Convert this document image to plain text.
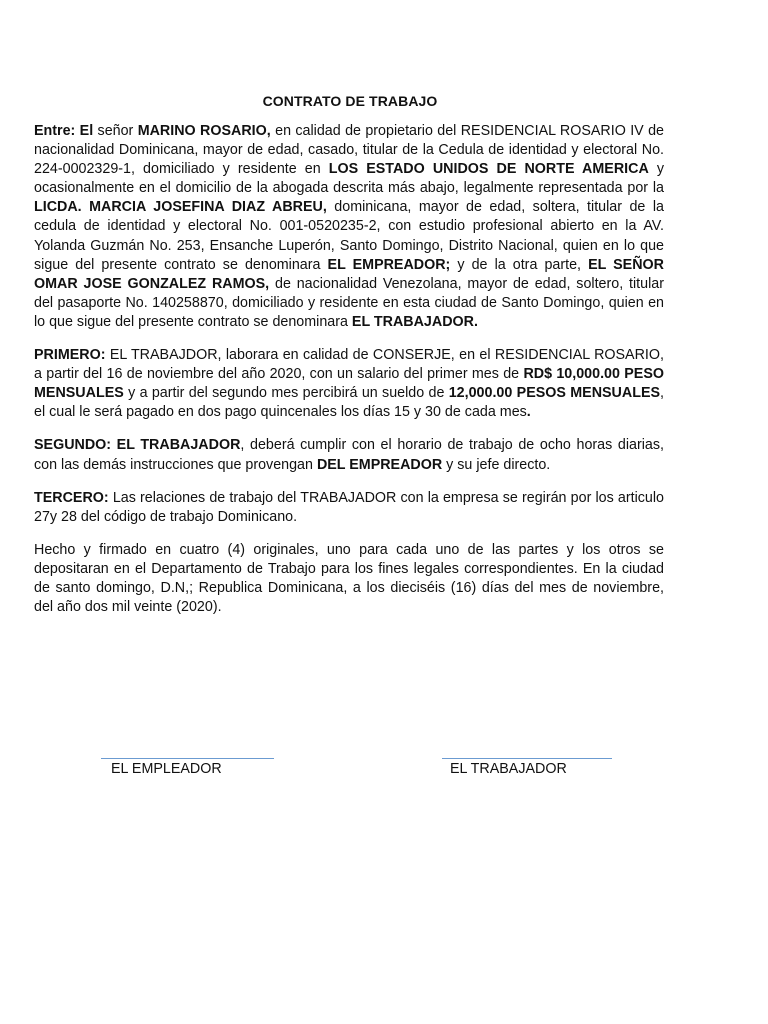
CONTRATO DE TRABAJO

Entre: El señor MARINO ROSARIO, en calidad de propietario del RESIDENCIAL ROSARIO IV de nacionalidad Dominicana, mayor de edad, casado, titular de la Cedula de identidad y electoral No. 224-0002329-1, domiciliado y residente en LOS ESTADO UNIDOS DE NORTE AMERICA y ocasionalmente en el domicilio de la abogada descrita más abajo, legalmente representada por la LICDA. MARCIA JOSEFINA DIAZ ABREU, dominicana, mayor de edad, soltera, titular de la cedula de identidad y electoral No. 001-0520235-2, con estudio profesional abierto en la AV. Yolanda Guzmán No. 253, Ensanche Luperón, Santo Domingo, Distrito Nacional, quien en lo que sigue del presente contrato se denominara EL EMPREADOR; y de la otra parte, EL SEÑOR OMAR JOSE GONZALEZ RAMOS, de nacionalidad Venezolana, mayor de edad, soltero, titular del pasaporte No. 140258870, domiciliado y residente en esta ciudad de Santo Domingo, quien en lo que sigue del presente contrato se denominara EL TRABAJADOR.

PRIMERO: EL TRABAJDOR, laborara en calidad de CONSERJE, en el RESIDENCIAL ROSARIO, a partir del 16 de noviembre del año 2020, con un salario del primer mes de RD$ 10,000.00 PESO MENSUALES y a partir del segundo mes percibirá un sueldo de 12,000.00 PESOS MENSUALES, el cual le será pagado en dos pago quincenales los días 15 y 30 de cada mes.

SEGUNDO: EL TRABAJADOR, deberá cumplir con el horario de trabajo de ocho horas diarias, con las demás instrucciones que provengan DEL EMPREADOR y su jefe directo.

TERCERO: Las relaciones de trabajo del TRABAJADOR con la empresa se regirán por los articulo 27y 28 del código de trabajo Dominicano.

Hecho y firmado en cuatro (4) originales, uno para cada uno de las partes y los otros se depositaran en el Departamento de Trabajo para los fines legales correspondientes. En la ciudad de santo domingo, D.N,; Republica Dominicana, a los dieciséis (16) días del mes de noviembre, del año dos mil veinte (2020).

EL EMPLEADOR	EL TRABAJADOR
